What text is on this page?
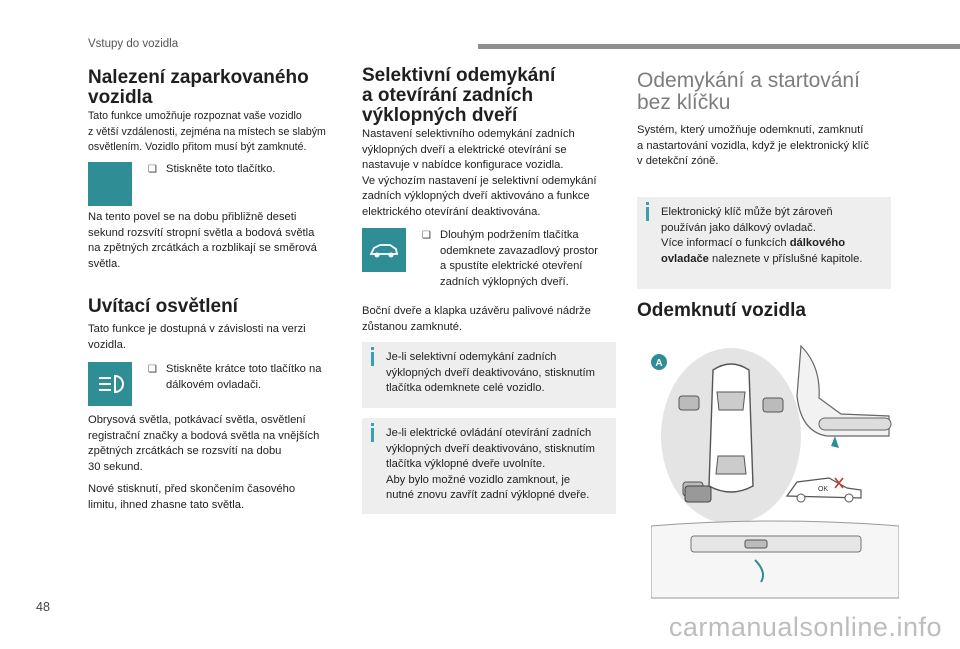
Vstupy do vozidla
Nalezení zaparkovaného
vozidla

Tato funkce umožňuje rozpoznat vaše vozidlo
z větší vzdálenosti, zejména na místech se slabým
osvětlením. Vozidlo přitom musí být zamknuté.

❑ Stiskněte toto tlačítko.

Na tento povel se na dobu přibližně deseti
sekund rozsvítí stropní světla a bodová světla
na zpětných zrcátkách a rozblikají se směrová
světla.

Uvítací osvětlení

Tato funkce je dostupná v závislosti na verzi
vozidla.

❑ Stiskněte krátce toto tlačítko na
dálkovém ovladači.

Obrysová světla, potkávací světla, osvětlení
registrační značky a bodová světla na vnějších
zpětných zrcátkách se rozsvítí na dobu
30 sekund.

Nové stisknutí, před skončením časového
limitu, ihned zhasne tato světla.

Selektivní odemykání
a otevírání zadních
výklopných dveří

Nastavení selektivního odemykání zadních
výklopných dveří a elektrické otevírání se
nastavuje v nabídce konfigurace vozidla.
Ve výchozím nastavení je selektivní odemykání
zadních výklopných dveří aktivováno a funkce
elektrického otevírání deaktivována.

❑ Dlouhým podržením tlačítka
odemknete zavazadlový prostor
a spustíte elektrické otevření
zadních výklopných dveří.

Boční dveře a klapka uzávěru palivové nádrže
zůstanou zamknuté.

Je-li selektivní odemykání zadních
výklopných dveří deaktivováno, stisknutím
tlačítka odemknete celé vozidlo.
Je-li elektrické ovládání otevírání zadních
výklopných dveří deaktivováno, stisknutím
tlačítka výklopné dveře uvolníte.
Aby bylo možné vozidlo zamknout, je
nutné znovu zavřít zadní výklopné dveře.
Odemykání a startování
bez klíčku

Systém, který umožňuje odemknutí, zamknutí
a nastartování vozidla, když je elektronický klíč
v detekční zóně.

Elektronický klíč může být zároveň
používán jako dálkový ovladač.
Více informací o funkcích dálkového
ovladače naleznete v příslušné kapitole.
Odemknutí vozidla
A
OK
48
carmanualsonline.info
